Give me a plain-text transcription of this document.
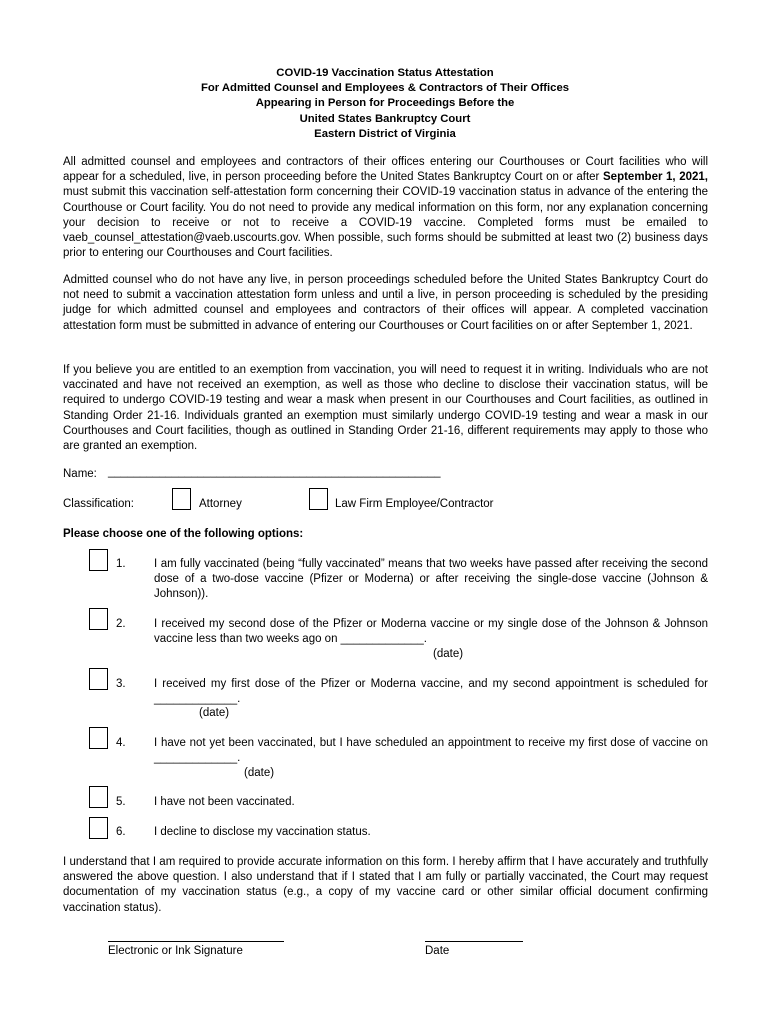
COVID-19 Vaccination Status Attestation
For Admitted Counsel and Employees & Contractors of Their Offices
Appearing in Person for Proceedings Before the
United States Bankruptcy Court
Eastern District of Virginia

All admitted counsel and employees and contractors of their offices entering our Courthouses or Court facilities who will appear for a scheduled, live, in person proceeding before the United States Bankruptcy Court on or after September 1, 2021, must submit this vaccination self-attestation form concerning their COVID-19 vaccination status in advance of the entering the Courthouse or Court facility. You do not need to provide any medical information on this form, nor any explanation concerning your decision to receive or not to receive a COVID-19 vaccine. Completed forms must be emailed to vaeb_counsel_attestation@vaeb.uscourts.gov. When possible, such forms should be submitted at least two (2) business days prior to entering our Courthouses and Court facilities.

Admitted counsel who do not have any live, in person proceedings scheduled before the United States Bankruptcy Court do not need to submit a vaccination attestation form unless and until a live, in person proceeding is scheduled by the presiding judge for which admitted counsel and employees and contractors of their offices will appear. A completed vaccination attestation form must be submitted in advance of entering our Courthouses or Court facilities on or after September 1, 2021.

If you believe you are entitled to an exemption from vaccination, you will need to request it in writing. Individuals who are not vaccinated and have not received an exemption, as well as those who decline to disclose their vaccination status, will be required to undergo COVID-19 testing and wear a mask when present in our Courthouses and Court facilities, as outlined in Standing Order 21-16. Individuals granted an exemption must similarly undergo COVID-19 testing and wear a mask in our Courthouses and Court facilities, though as outlined in Standing Order 21-16, different requirements may apply to those who are granted an exemption.

Name: ____________________________________________________
Classification:	Attorney	Law Firm Employee/Contractor
Please choose one of the following options:
1. I am fully vaccinated (being “fully vaccinated” means that two weeks have passed after receiving the second dose of a two-dose vaccine (Pfizer or Moderna) or after receiving the single-dose vaccine (Johnson & Johnson)).

2. I received my second dose of the Pfizer or Moderna vaccine or my single dose of the Johnson & Johnson vaccine less than two weeks ago on _____________.

(date)
3. I received my first dose of the Pfizer or Moderna vaccine, and my second appointment is scheduled for _____________.

(date)
4. I have not yet been vaccinated, but I have scheduled an appointment to receive my first dose of vaccine on _____________.

(date)
5. I have not been vaccinated.

6. I decline to disclose my vaccination status.

I understand that I am required to provide accurate information on this form. I hereby affirm that I have accurately and truthfully answered the above question. I also understand that if I stated that I am fully or partially vaccinated, the Court may request documentation of my vaccination status (e.g., a copy of my vaccine card or other similar official document confirming vaccination status).

Electronic or Ink Signature	Date
